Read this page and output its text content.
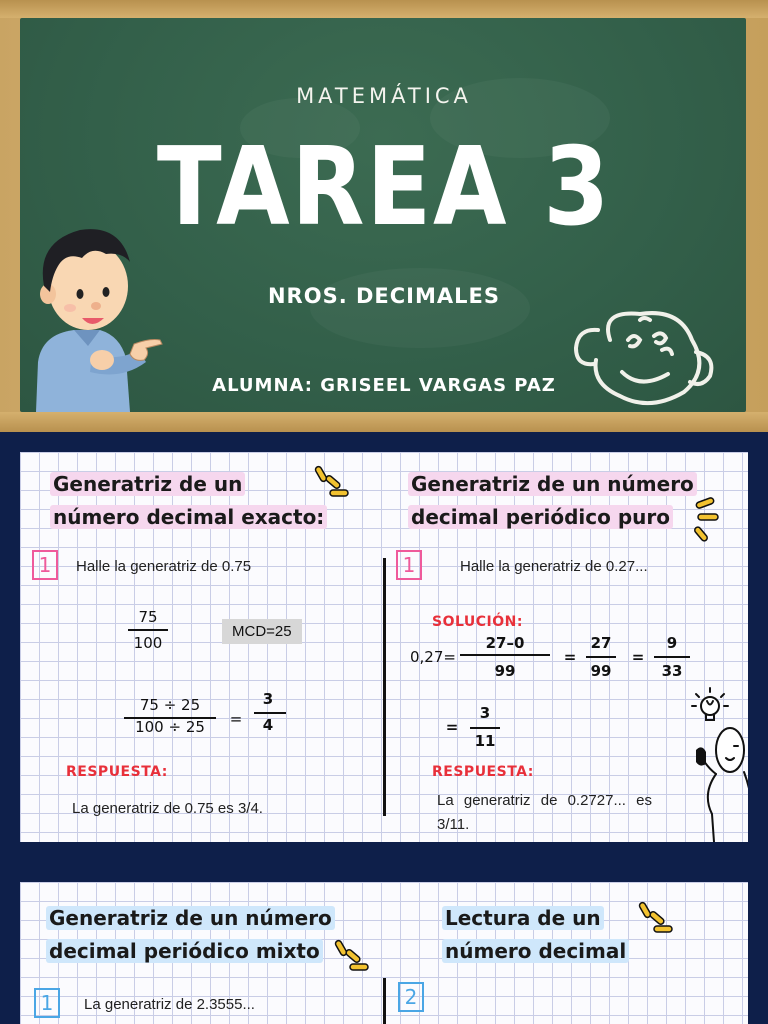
MATEMÁTICA
TAREA 3
NROS. DECIMALES
ALUMNA: GRISEEL VARGAS PAZ
Generatriz de un
número decimal exacto:
1	Halle la generatriz de 0.75
75
100
MCD=25
75 ÷ 25
100 ÷ 25	=
3
4
RESPUESTA:
La generatriz de 0.75 es 3/4.
Generatriz de un número
decimal periódico puro
1	Halle la generatriz de 0.27...
SOLUCIÓN:
0,27=
27–0
99
=
27
99
=
9
33
=
3
11
RESPUESTA:
La generatriz de 0.2727... es
3/11.
Generatriz de un número
decimal periódico mixto
Lectura de un
número decimal
1	La generatriz de 2.3555...	2
